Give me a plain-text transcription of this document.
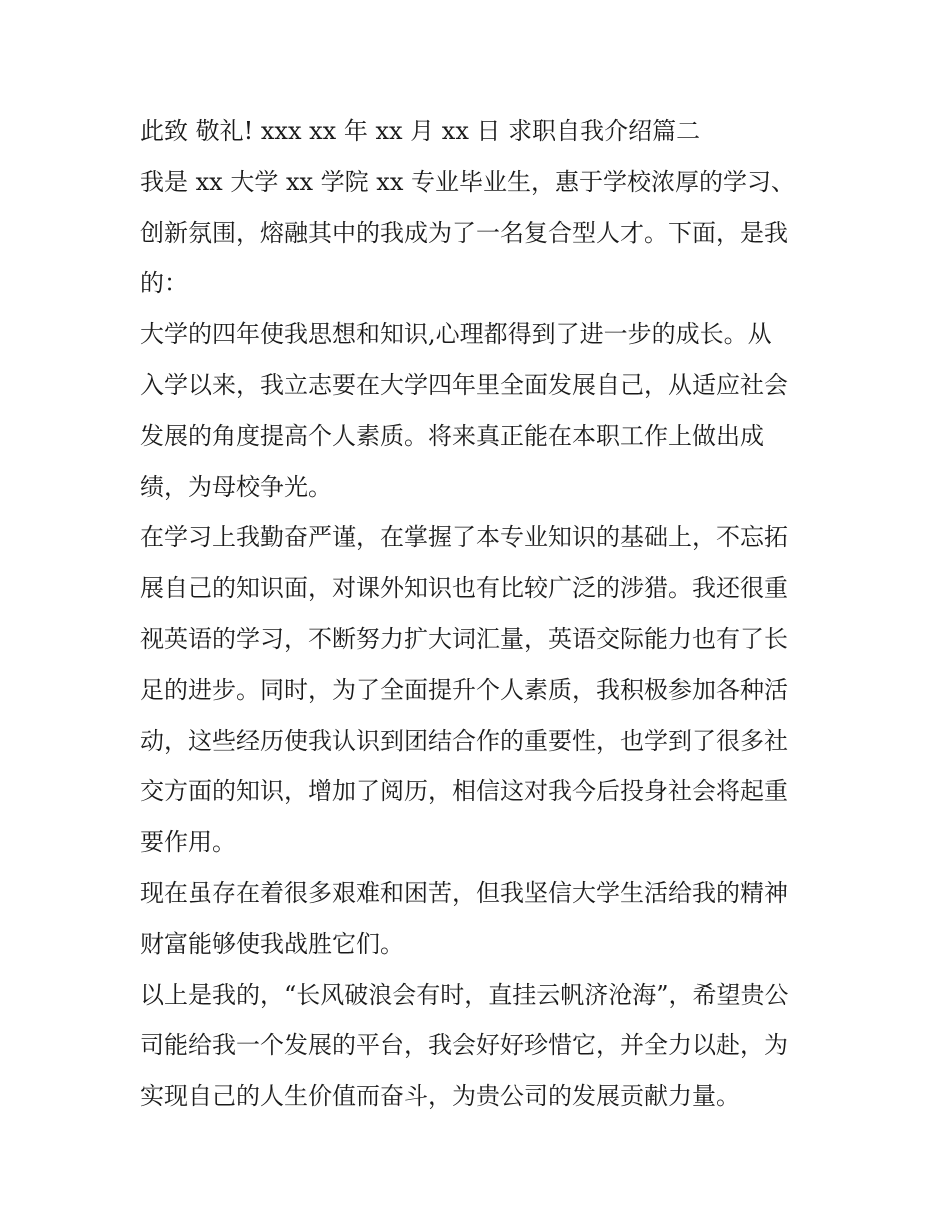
此致 敬礼! xxx xx 年 xx 月 xx 日 求职自我介绍篇二
我是 xx 大学 xx 学院 xx 专业毕业生，惠于学校浓厚的学习、
创新氛围，熔融其中的我成为了一名复合型人才。下面，是我
的：
大学的四年使我思想和知识,心理都得到了进一步的成长。从
入学以来，我立志要在大学四年里全面发展自己，从适应社会
发展的角度提高个人素质。将来真正能在本职工作上做出成
绩，为母校争光。
在学习上我勤奋严谨，在掌握了本专业知识的基础上，不忘拓
展自己的知识面，对课外知识也有比较广泛的涉猎。我还很重
视英语的学习，不断努力扩大词汇量，英语交际能力也有了长
足的进步。同时，为了全面提升个人素质，我积极参加各种活
动，这些经历使我认识到团结合作的重要性，也学到了很多社
交方面的知识，增加了阅历，相信这对我今后投身社会将起重
要作用。
现在虽存在着很多艰难和困苦，但我坚信大学生活给我的精神
财富能够使我战胜它们。
以上是我的，“长风破浪会有时，直挂云帆济沧海”，希望贵公
司能给我一个发展的平台，我会好好珍惜它，并全力以赴，为
实现自己的人生价值而奋斗，为贵公司的发展贡献力量。
